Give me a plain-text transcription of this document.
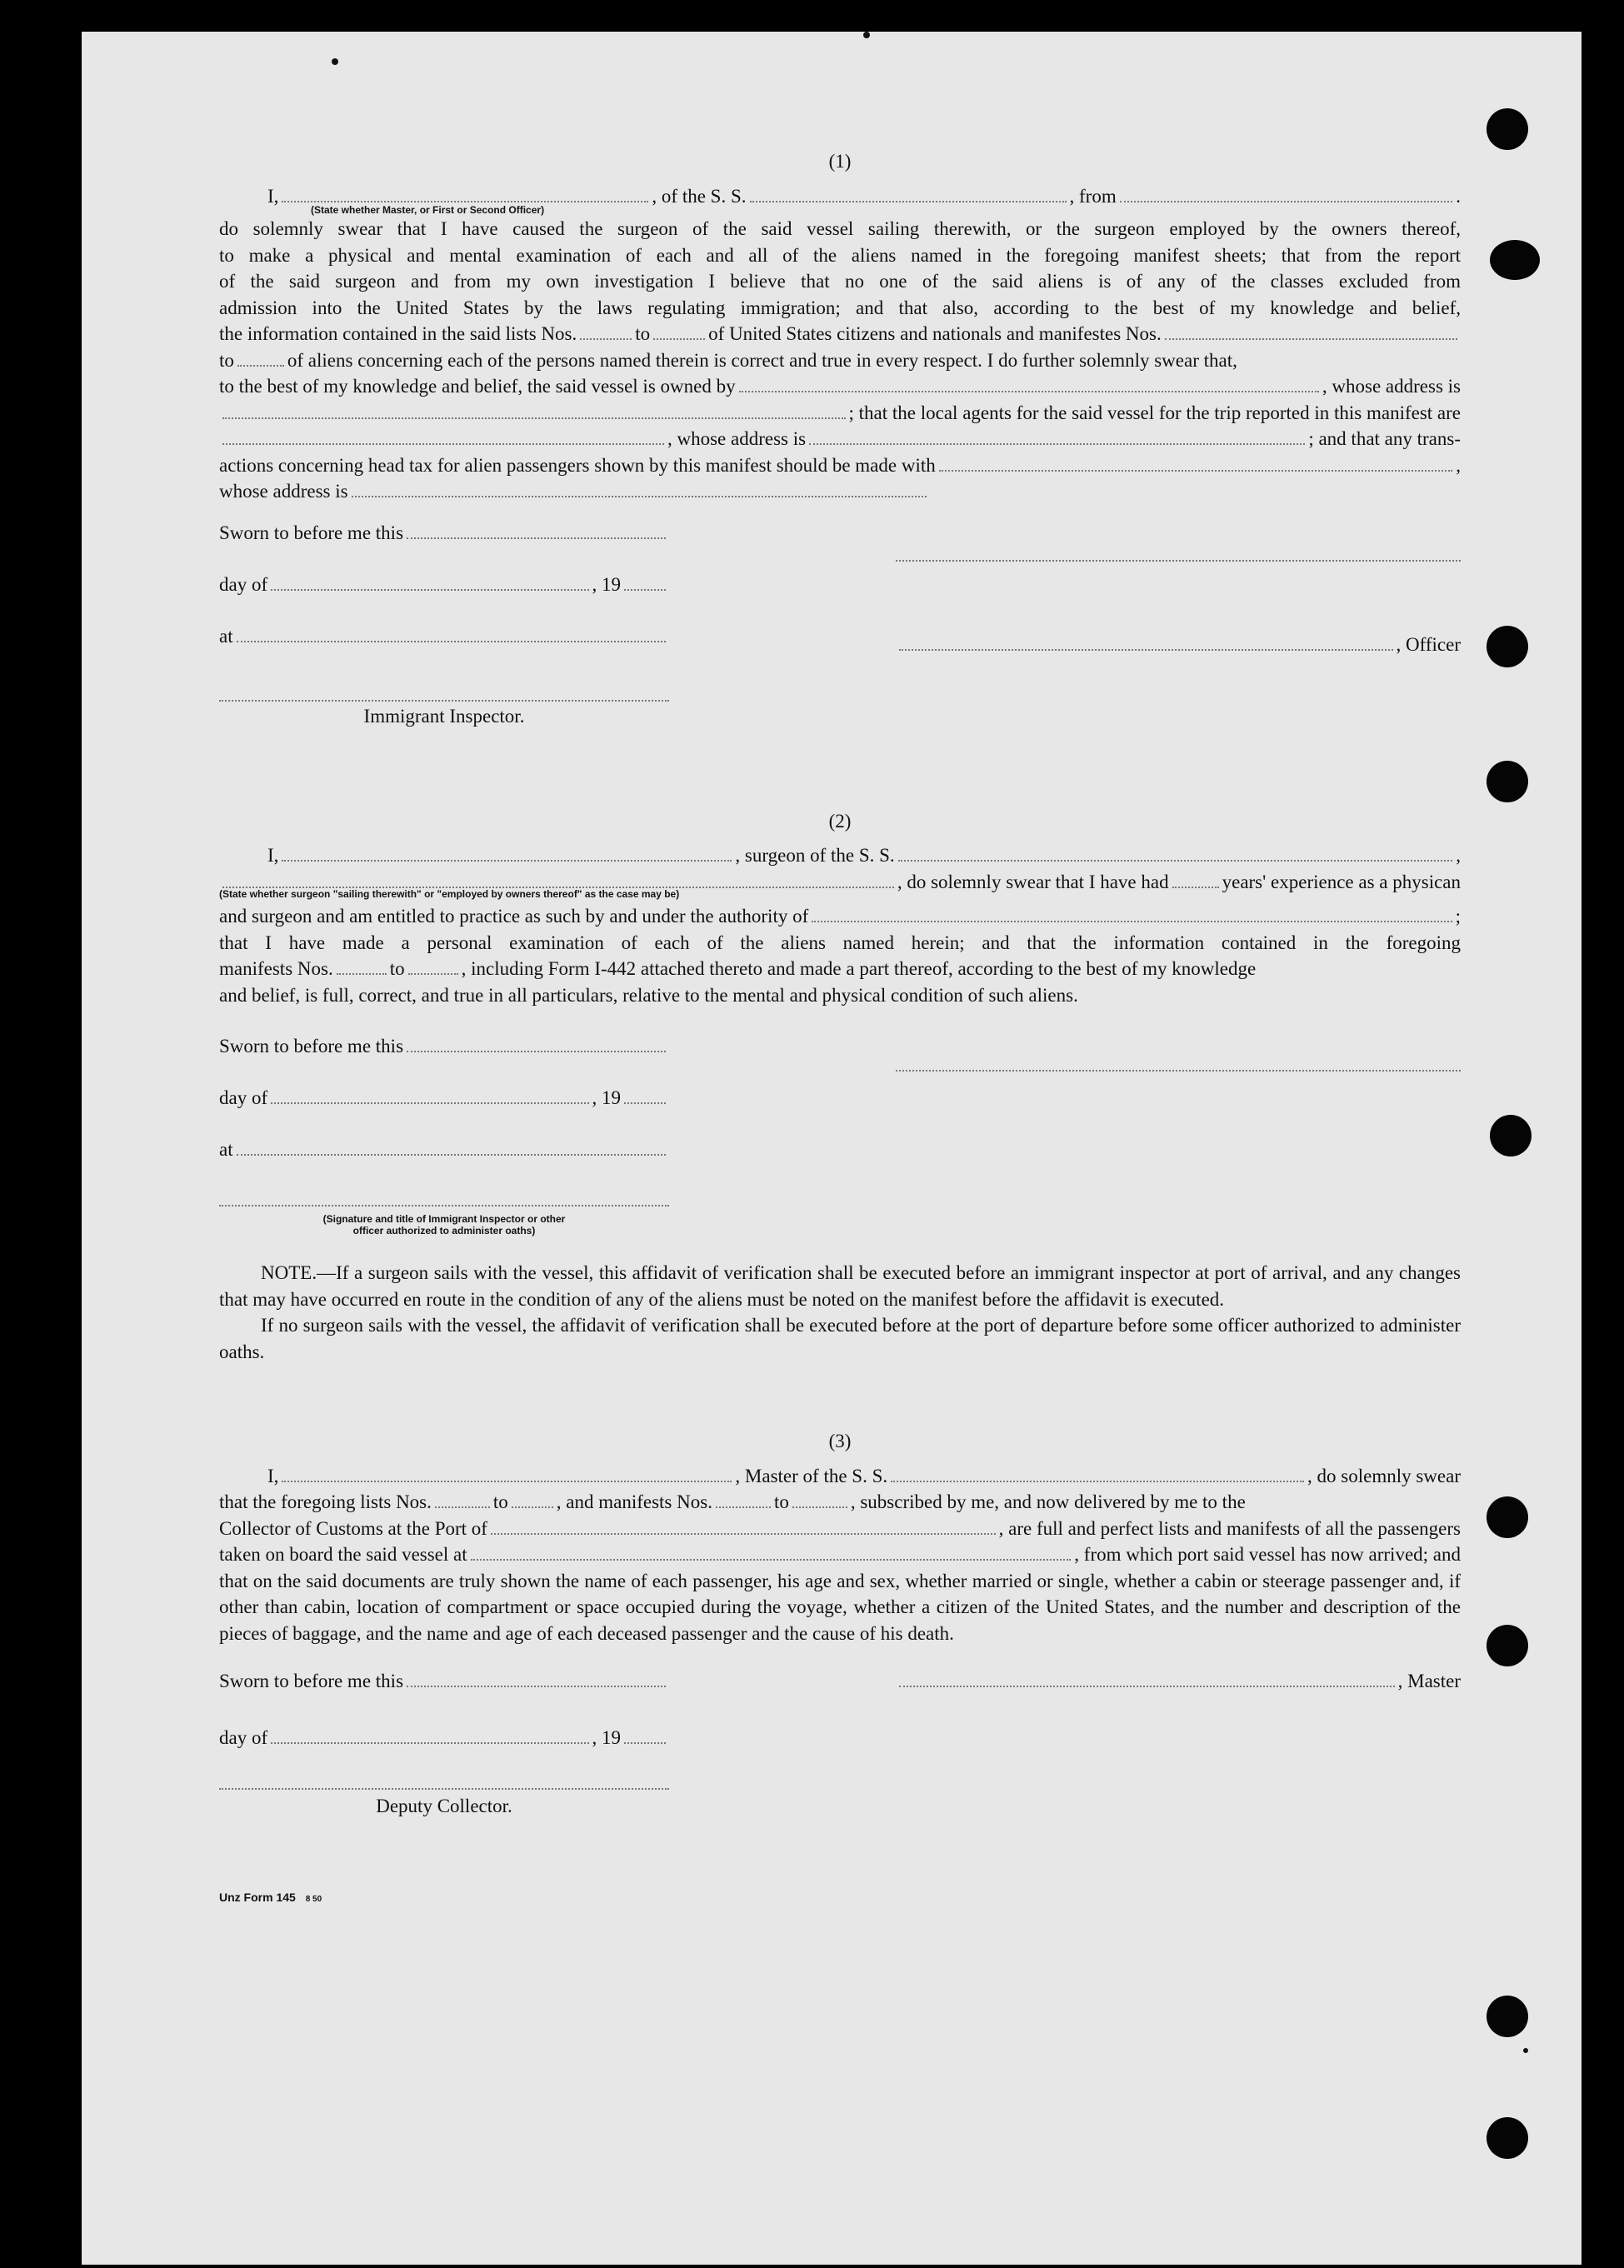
(1)
I,	, of the S. S.	, from	.
(State whether Master, or First or Second Officer)
do solemnly swear that I have caused the surgeon of the said vessel sailing therewith, or the surgeon employed by the owners thereof,
to make a physical and mental examination of each and all of the aliens named in the foregoing manifest sheets; that from the report
of the said surgeon and from my own investigation I believe that no one of the said aliens is of any of the classes excluded from
admission into the United States by the laws regulating immigration; and that also, according to the best of my knowledge and belief,
the information contained in the said lists Nos.	to	of United States citizens and nationals and manifestes Nos.
to	of aliens concerning each of the persons named therein is correct and true in every respect. I do further solemnly swear that,
to the best of my knowledge and belief, the said vessel is owned by	, whose address is
; that the local agents for the said vessel for the trip reported in this manifest are
, whose address is	; and that any trans-
actions concerning head tax for alien passengers shown by this manifest should be made with	,
whose address is
Sworn to before me this
day of	, 19
at	, Officer
Immigrant Inspector.
(2)
I,	, surgeon of the S. S.	,
, do solemnly swear that I have had	years' experience as a physican
(State whether surgeon "sailing therewith" or "employed by owners thereof" as the case may be)
and surgeon and am entitled to practice as such by and under the authority of	;
that I have made a personal examination of each of the aliens named herein; and that the information contained in the foregoing
manifests Nos.	to	, including Form I-442 attached thereto and made a part thereof, according to the best of my knowledge
and belief, is full, correct, and true in all particulars, relative to the mental and physical condition of such aliens.
Sworn to before me this
day of	, 19
at
(Signature and title of Immigrant Inspector or other
officer authorized to administer oaths)
NOTE.—If a surgeon sails with the vessel, this affidavit of verification shall be executed before an immigrant inspector at port of arrival, and any changes that may have occurred en route in the condition of any of the aliens must be noted on the manifest before the affidavit is executed.
If no surgeon sails with the vessel, the affidavit of verification shall be executed before at the port of departure before some officer authorized to administer oaths.
(3)
I,	, Master of the S. S.	, do solemnly swear
that the foregoing lists Nos.	to	, and manifests Nos.	to	, subscribed by me, and now delivered by me to the
Collector of Customs at the Port of	, are full and perfect lists and manifests of all the passengers
taken on board the said vessel at	, from which port said vessel has now arrived; and
that on the said documents are truly shown the name of each passenger, his age and sex, whether married or single, whether a cabin or steerage passenger and, if other than cabin, location of compartment or space occupied during the voyage, whether a citizen of the United States, and the number and description of the pieces of baggage, and the name and age of each deceased passenger and the cause of his death.
Sworn to before me this	, Master
day of	, 19
Deputy Collector.
Unz Form 145 8 50
